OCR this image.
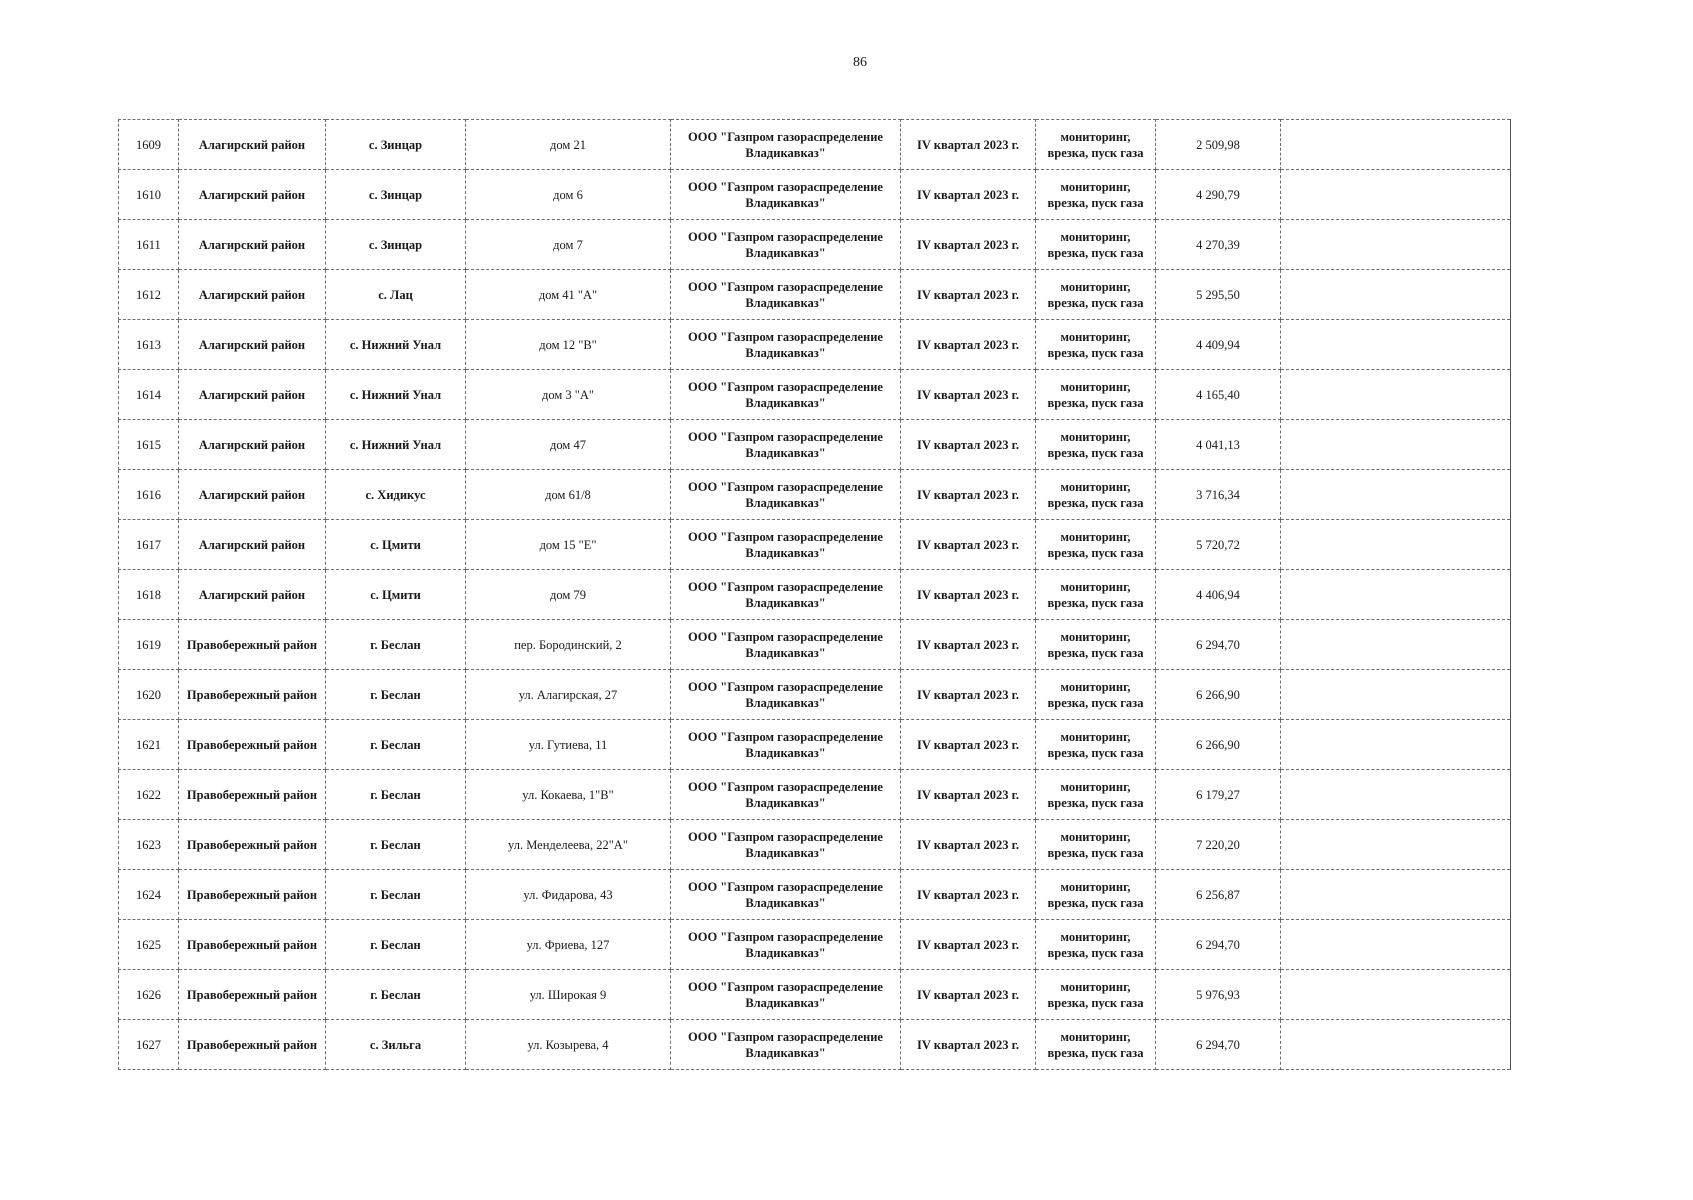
86
1609	Алагирский район	с. Зинцар	дом 21	ООО "Газпром газораспределение Владикавказ"	IV квартал 2023 г.	мониторинг, врезка, пуск газа	2 509,98	
1610	Алагирский район	с. Зинцар	дом 6	ООО "Газпром газораспределение Владикавказ"	IV квартал 2023 г.	мониторинг, врезка, пуск газа	4 290,79	
1611	Алагирский район	с. Зинцар	дом 7	ООО "Газпром газораспределение Владикавказ"	IV квартал 2023 г.	мониторинг, врезка, пуск газа	4 270,39	
1612	Алагирский район	с. Лац	дом 41 "А"	ООО "Газпром газораспределение Владикавказ"	IV квартал 2023 г.	мониторинг, врезка, пуск газа	5 295,50	
1613	Алагирский район	с. Нижний Унал	дом 12 "В"	ООО "Газпром газораспределение Владикавказ"	IV квартал 2023 г.	мониторинг, врезка, пуск газа	4 409,94	
1614	Алагирский район	с. Нижний Унал	дом 3 "А"	ООО "Газпром газораспределение Владикавказ"	IV квартал 2023 г.	мониторинг, врезка, пуск газа	4 165,40	
1615	Алагирский район	с. Нижний Унал	дом 47	ООО "Газпром газораспределение Владикавказ"	IV квартал 2023 г.	мониторинг, врезка, пуск газа	4 041,13	
1616	Алагирский район	с. Хидикус	дом 61/8	ООО "Газпром газораспределение Владикавказ"	IV квартал 2023 г.	мониторинг, врезка, пуск газа	3 716,34	
1617	Алагирский район	с. Цмити	дом 15 "Е"	ООО "Газпром газораспределение Владикавказ"	IV квартал 2023 г.	мониторинг, врезка, пуск газа	5 720,72	
1618	Алагирский район	с. Цмити	дом 79	ООО "Газпром газораспределение Владикавказ"	IV квартал 2023 г.	мониторинг, врезка, пуск газа	4 406,94	
1619	Правобережный район	г. Беслан	пер. Бородинский, 2	ООО "Газпром газораспределение Владикавказ"	IV квартал 2023 г.	мониторинг, врезка, пуск газа	6 294,70	
1620	Правобережный район	г. Беслан	ул. Алагирская, 27	ООО "Газпром газораспределение Владикавказ"	IV квартал 2023 г.	мониторинг, врезка, пуск газа	6 266,90	
1621	Правобережный район	г. Беслан	ул. Гутиева, 11	ООО "Газпром газораспределение Владикавказ"	IV квартал 2023 г.	мониторинг, врезка, пуск газа	6 266,90	
1622	Правобережный район	г. Беслан	ул. Кокаева, 1"В"	ООО "Газпром газораспределение Владикавказ"	IV квартал 2023 г.	мониторинг, врезка, пуск газа	6 179,27	
1623	Правобережный район	г. Беслан	ул. Менделеева, 22"А"	ООО "Газпром газораспределение Владикавказ"	IV квартал 2023 г.	мониторинг, врезка, пуск газа	7 220,20	
1624	Правобережный район	г. Беслан	ул. Фидарова, 43	ООО "Газпром газораспределение Владикавказ"	IV квартал 2023 г.	мониторинг, врезка, пуск газа	6 256,87	
1625	Правобережный район	г. Беслан	ул. Фриева, 127	ООО "Газпром газораспределение Владикавказ"	IV квартал 2023 г.	мониторинг, врезка, пуск газа	6 294,70	
1626	Правобережный район	г. Беслан	ул. Широкая 9	ООО "Газпром газораспределение Владикавказ"	IV квартал 2023 г.	мониторинг, врезка, пуск газа	5 976,93	
1627	Правобережный район	с. Зильга	ул. Козырева, 4	ООО "Газпром газораспределение Владикавказ"	IV квартал 2023 г.	мониторинг, врезка, пуск газа	6 294,70	
